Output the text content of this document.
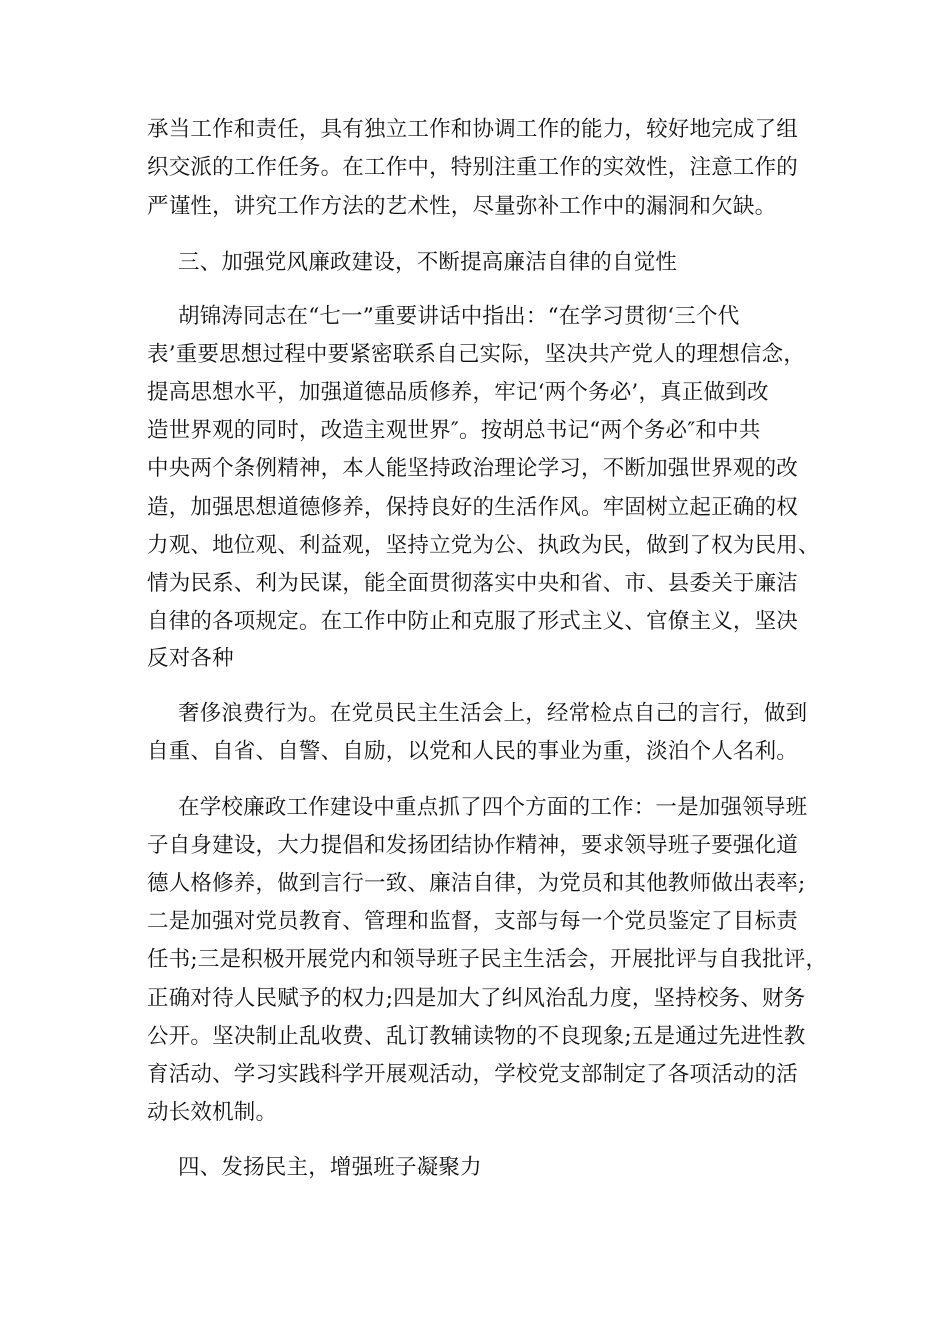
承当工作和责任，具有独立工作和协调工作的能力，较好地完成了组
织交派的工作任务。在工作中，特别注重工作的实效性，注意工作的
严谨性，讲究工作方法的艺术性，尽量弥补工作中的漏洞和欠缺。
三、加强党风廉政建设，不断提高廉洁自律的自觉性
胡锦涛同志在“七一”重要讲话中指出：“在学习贯彻‘三个代
表’重要思想过程中要紧密联系自己实际，坚决共产党人的理想信念，
提高思想水平，加强道德品质修养，牢记‘两个务必’，真正做到改
造世界观的同时，改造主观世界″。按胡总书记“两个务必″和中共
中央两个条例精神，本人能坚持政治理论学习，不断加强世界观的改
造，加强思想道德修养，保持良好的生活作风。牢固树立起正确的权
力观、地位观、利益观，坚持立党为公、执政为民，做到了权为民用、
情为民系、利为民谋，能全面贯彻落实中央和省、市、县委关于廉洁
自律的各项规定。在工作中防止和克服了形式主义、官僚主义，坚决
反对各种
奢侈浪费行为。在党员民主生活会上，经常检点自己的言行，做到
自重、自省、自警、自励，以党和人民的事业为重，淡泊个人名利。
在学校廉政工作建设中重点抓了四个方面的工作：一是加强领导班
子自身建设，大力提倡和发扬团结协作精神，要求领导班子要强化道
德人格修养，做到言行一致、廉洁自律，为党员和其他教师做出表率;
二是加强对党员教育、管理和监督，支部与每一个党员鉴定了目标责
任书;三是积极开展党内和领导班子民主生活会，开展批评与自我批评，
正确对待人民赋予的权力;四是加大了纠风治乱力度，坚持校务、财务
公开。坚决制止乱收费、乱订教辅读物的不良现象;五是通过先进性教
育活动、学习实践科学开展观活动，学校党支部制定了各项活动的活
动长效机制。
四、发扬民主，增强班子凝聚力
